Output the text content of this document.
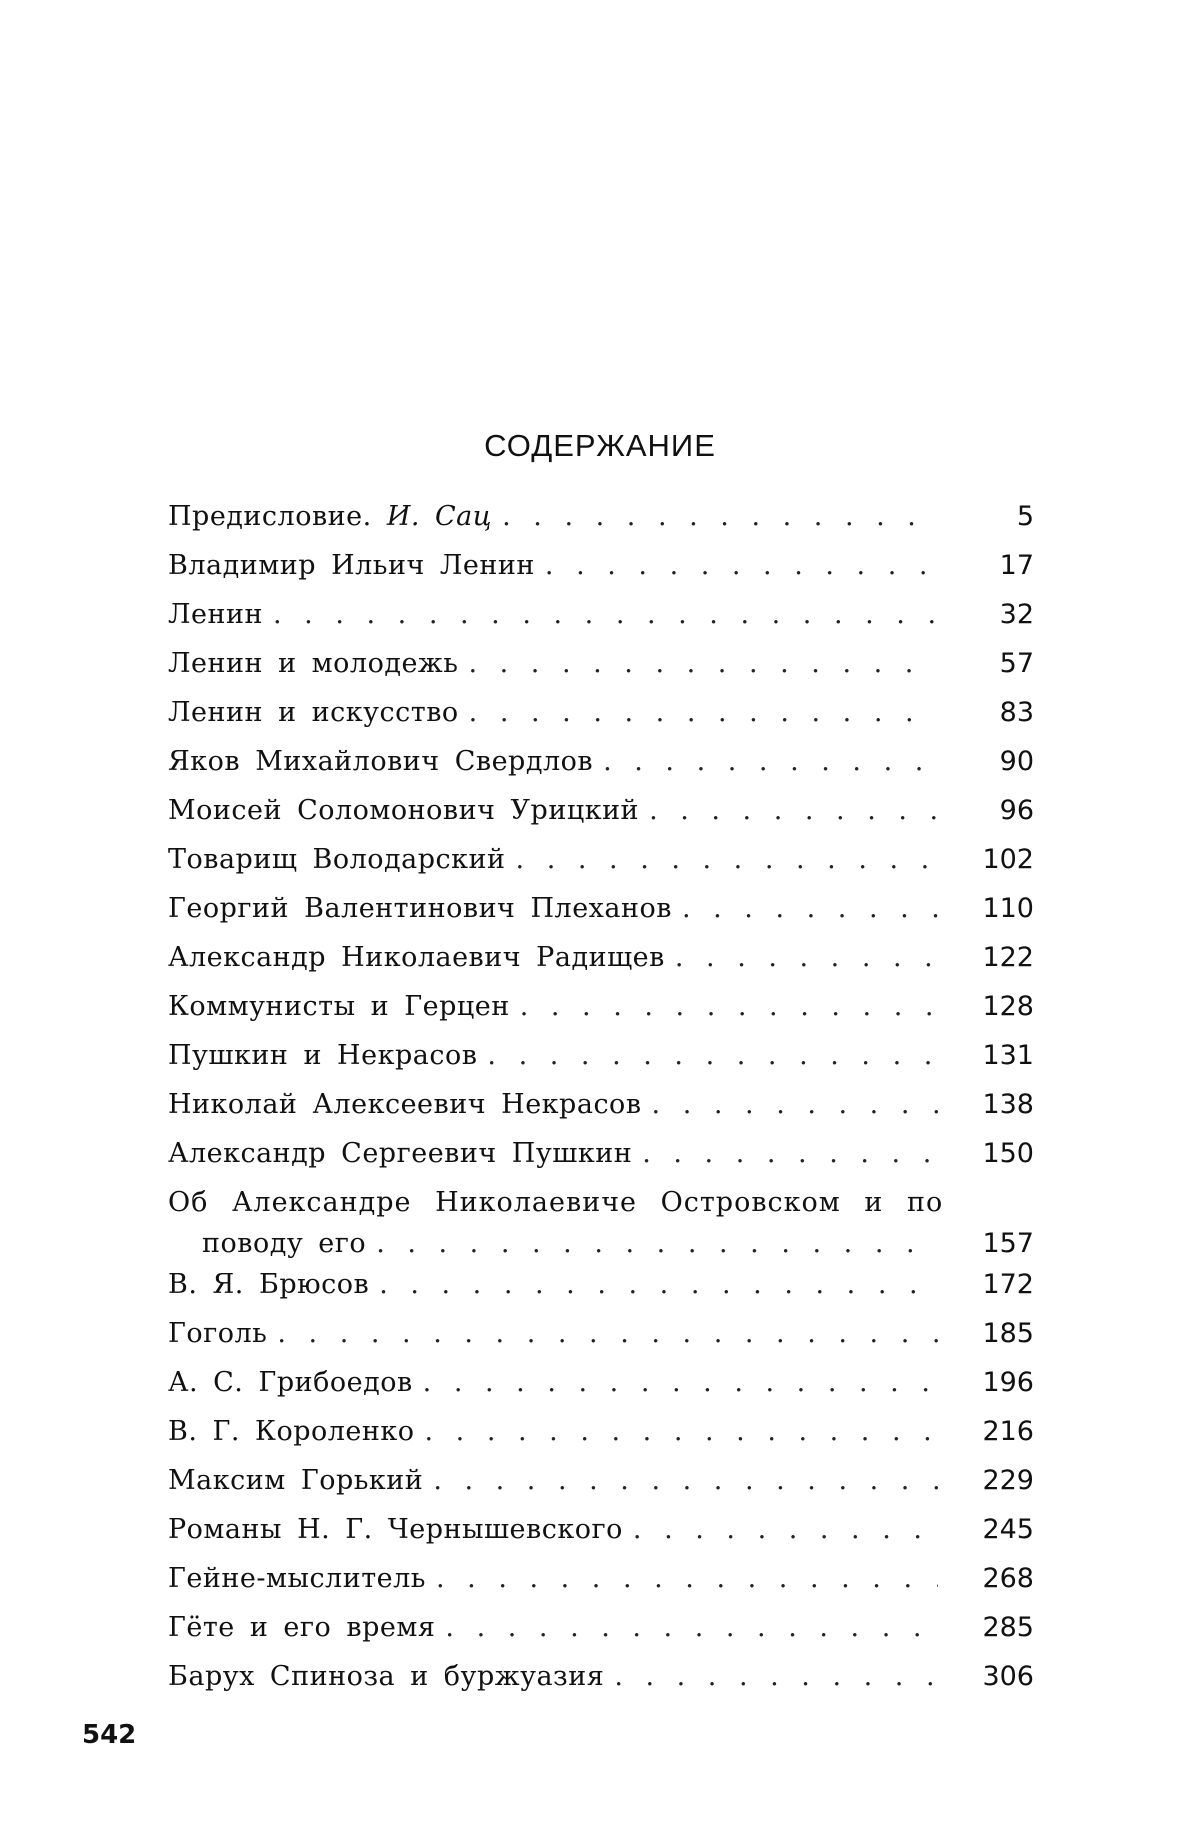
СОДЕРЖАНИЕ
Предисловие. И. Сац
. . .	5
Владимир Ильич Ленин
. . .	17
Ленин
. . .	32
Ленин и молодежь
. . .	57
Ленин и искусство
. . .	83
Яков Михайлович Свердлов
. . .	90
Моисей Соломонович Урицкий
. . .	96
Товарищ Володарский
. . .	102
Георгий Валентинович Плеханов
. . .	110
Александр Николаевич Радищев
. . .	122
Коммунисты и Герцен
. . .	128
Пушкин и Некрасов
. . .	131
Николай Алексеевич Некрасов
. . .	138
Александр Сергеевич Пушкин
. . .	150
Об Александре Николаевиче Островском и по
поводу его
. . .	157
В. Я. Брюсов
. . .	172
Гоголь
. . .	185
А. С. Грибоедов
. . .	196
В. Г. Короленко
. . .	216
Максим Горький
. . .	229
Романы Н. Г. Чернышевского
. . .	245
Гейне-мыслитель
. . .	268
Гёте и его время
. . .	285
Барух Спиноза и буржуазия
. . .	306
542
